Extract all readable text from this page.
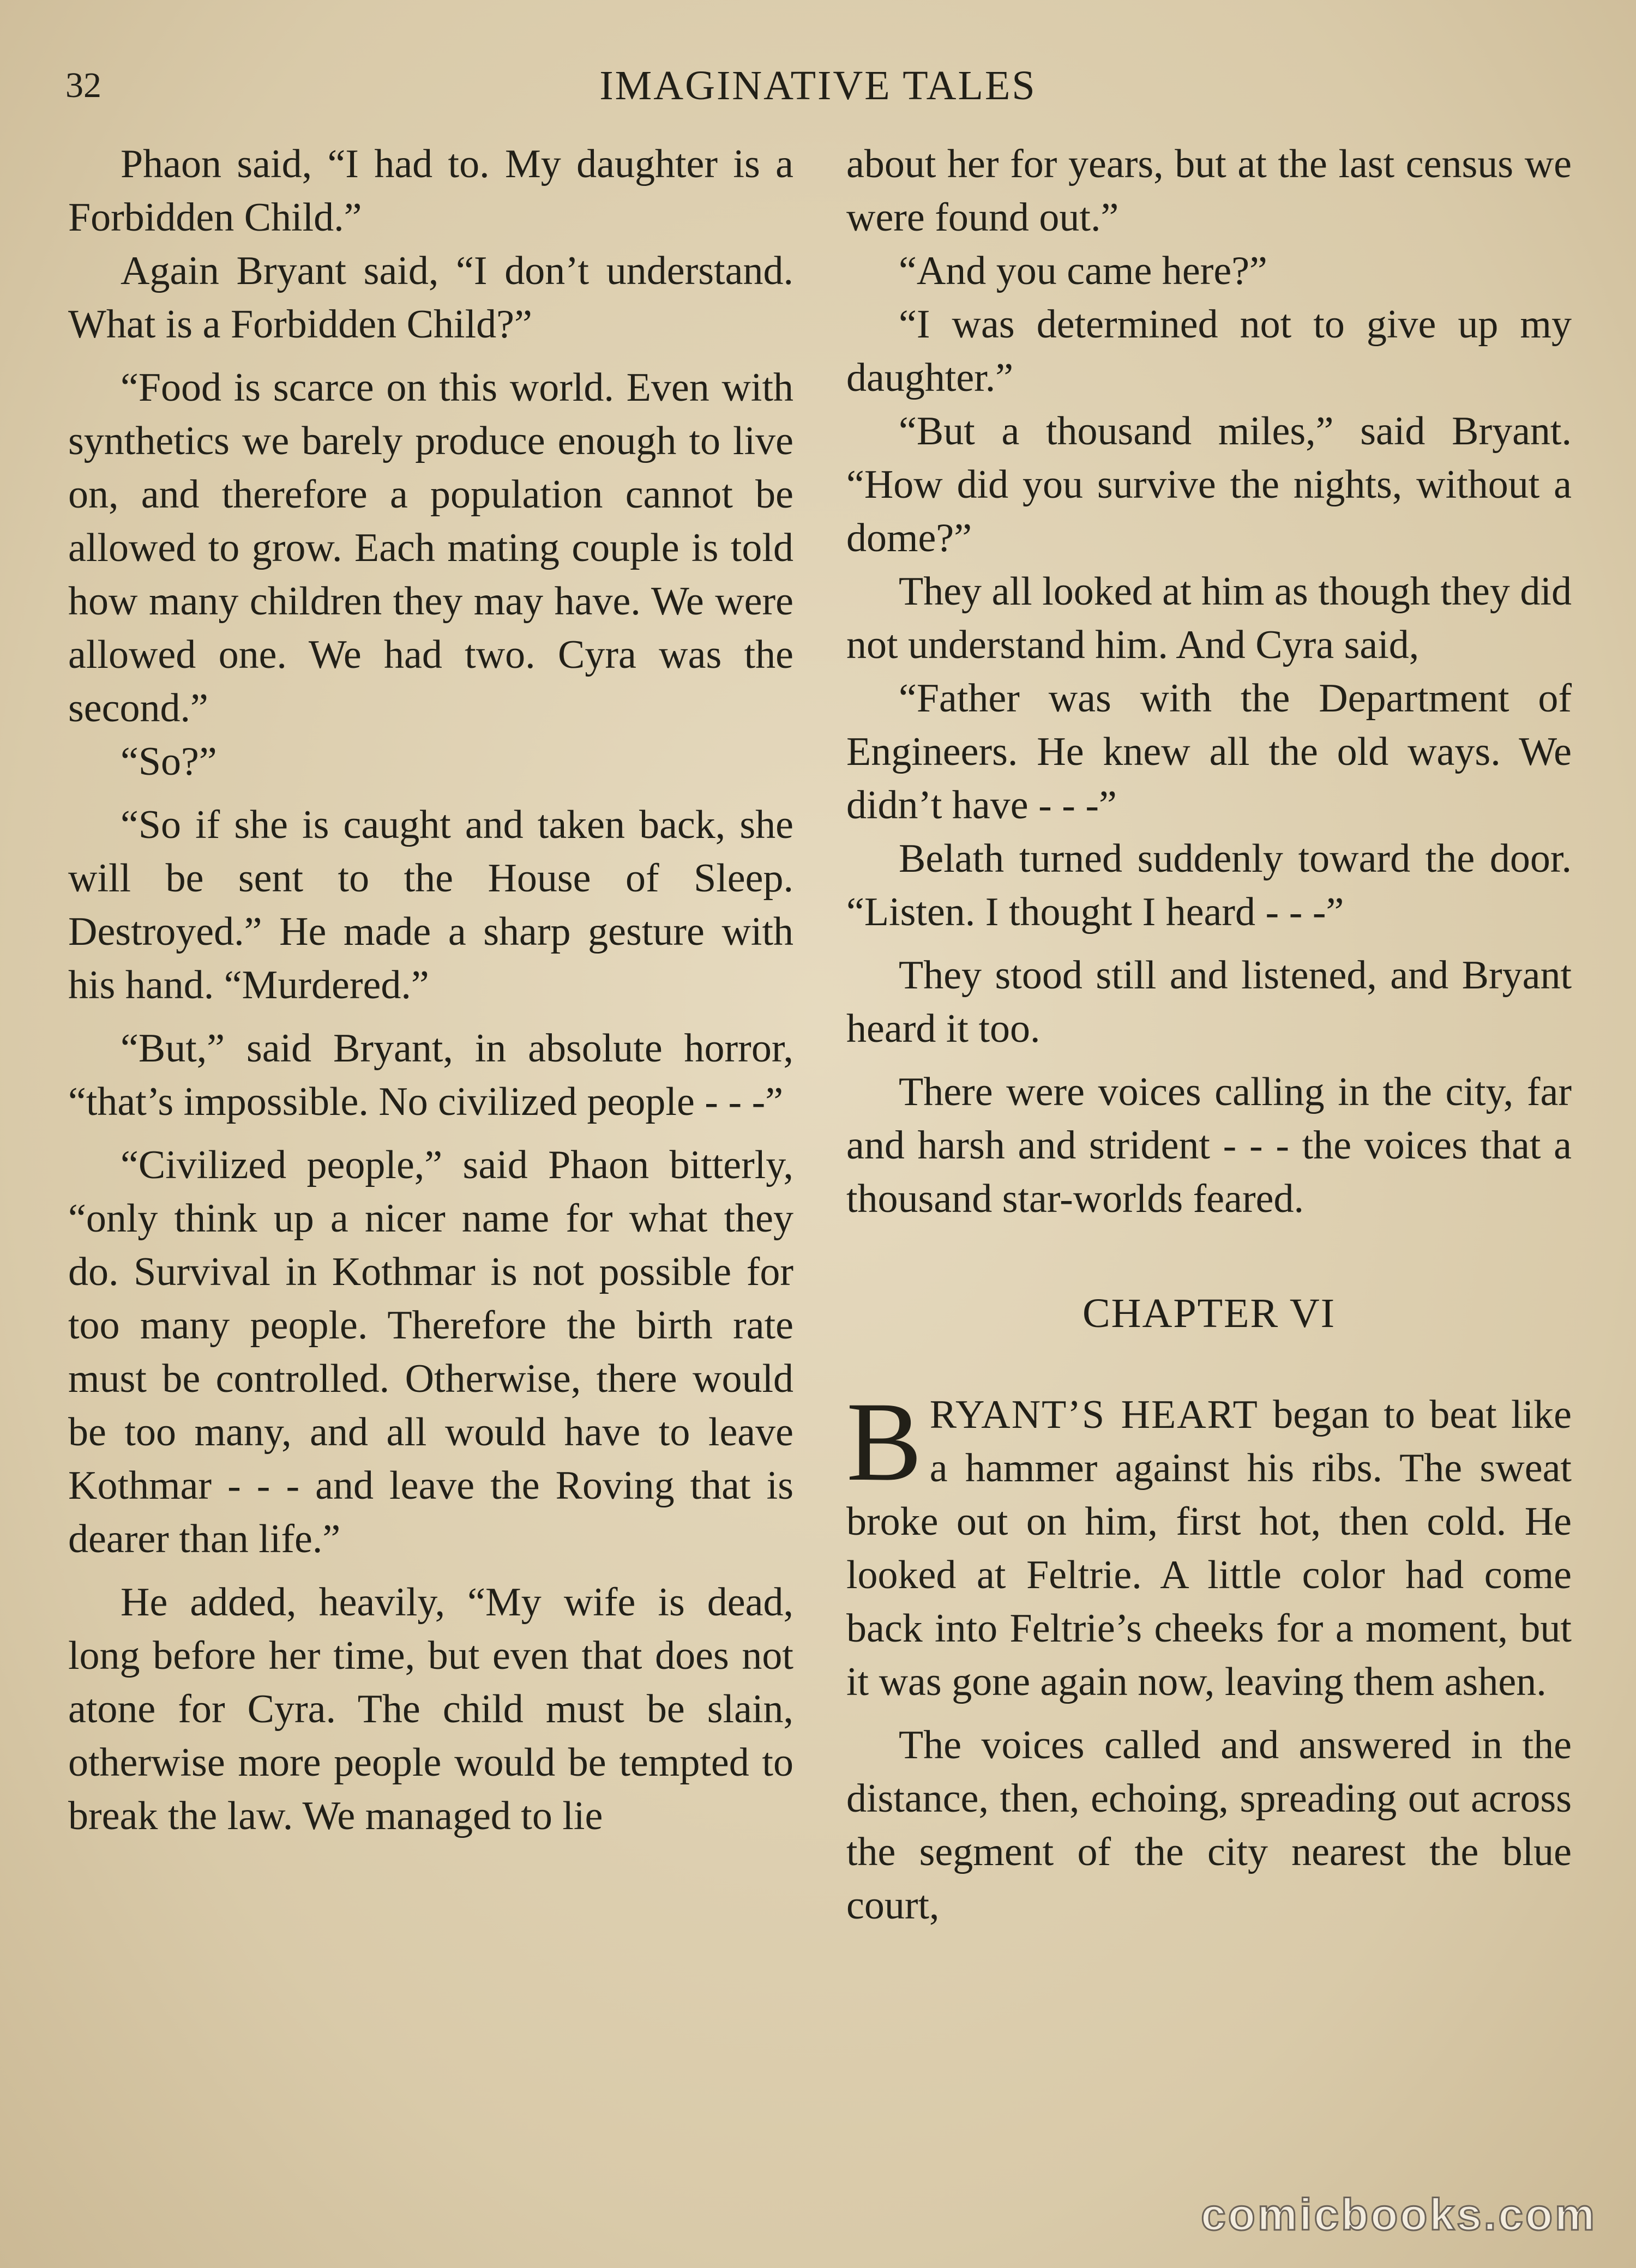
32	IMAGINATIVE TALES

Phaon said, “I had to. My daughter is a Forbidden Child.”

Again Bryant said, “I don’t understand. What is a Forbidden Child?”

“Food is scarce on this world. Even with synthetics we barely produce enough to live on, and therefore a population cannot be allowed to grow. Each mating couple is told how many children they may have. We were allowed one. We had two. Cyra was the second.”

“So?”

“So if she is caught and taken back, she will be sent to the House of Sleep. Destroyed.” He made a sharp gesture with his hand. “Murdered.”

“But,” said Bryant, in absolute horror, “that’s impossible. No civilized people - - -”

“Civilized people,” said Phaon bitterly, “only think up a nicer name for what they do. Survival in Kothmar is not possible for too many people. Therefore the birth rate must be controlled. Otherwise, there would be too many, and all would have to leave Kothmar - - - and leave the Roving that is dearer than life.”

He added, heavily, “My wife is dead, long before her time, but even that does not atone for Cyra. The child must be slain, otherwise more people would be tempted to break the law. We managed to lie

about her for years, but at the last census we were found out.”

“And you came here?”

“I was determined not to give up my daughter.”

“But a thousand miles,” said Bryant. “How did you survive the nights, without a dome?”

They all looked at him as though they did not understand him. And Cyra said,

“Father was with the Department of Engineers. He knew all the old ways. We didn’t have - - -”

Belath turned suddenly toward the door. “Listen. I thought I heard - - -”

They stood still and listened, and Bryant heard it too.

There were voices calling in the city, far and harsh and strident - - - the voices that a thousand star-worlds feared.

CHAPTER VI

BRYANT’S HEART began to beat like a hammer against his ribs. The sweat broke out on him, first hot, then cold. He looked at Feltrie. A little color had come back into Feltrie’s cheeks for a moment, but it was gone again now, leaving them ashen.

The voices called and answered in the distance, then, echoing, spreading out across the segment of the city nearest the blue court,

comicbooks.com
